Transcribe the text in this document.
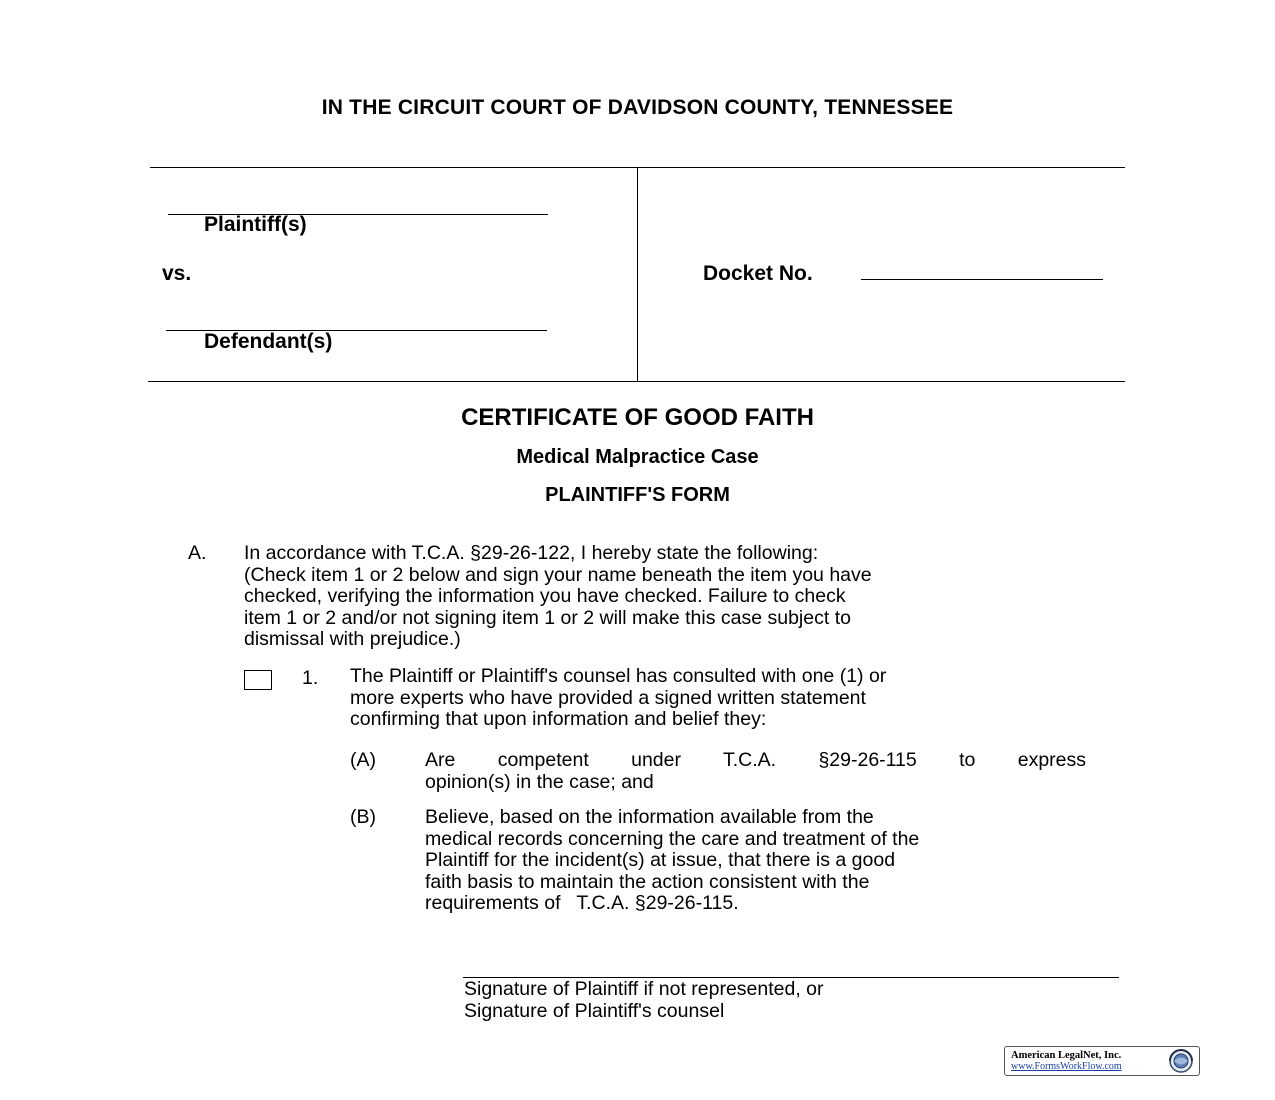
IN THE CIRCUIT COURT OF DAVIDSON COUNTY, TENNESSEE
Plaintiff(s)
vs.
Defendant(s)
Docket No.
CERTIFICATE OF GOOD FAITH
Medical Malpractice Case
PLAINTIFF'S FORM
A. In accordance with T.C.A. §29-26-122, I hereby state the following:
(Check item 1 or 2 below and sign your name beneath the item you have
checked, verifying the information you have checked. Failure to check
item 1 or 2 and/or not signing item 1 or 2 will make this case subject to
dismissal with prejudice.)
1. The Plaintiff or Plaintiff's counsel has consulted with one (1) or
more experts who have provided a signed written statement
confirming that upon information and belief they:
(A)	Are competent under T.C.A. §29-26-115 to express
opinion(s) in the case; and
(B)	Believe, based on the information available from the
medical records concerning the care and treatment of the
Plaintiff for the incident(s) at issue, that there is a good
faith basis to maintain the action consistent with the
requirements of   T.C.A. §29-26-115.
Signature of Plaintiff if not represented, or
Signature of Plaintiff's counsel
American LegalNet, Inc.
www.FormsWorkFlow.com
